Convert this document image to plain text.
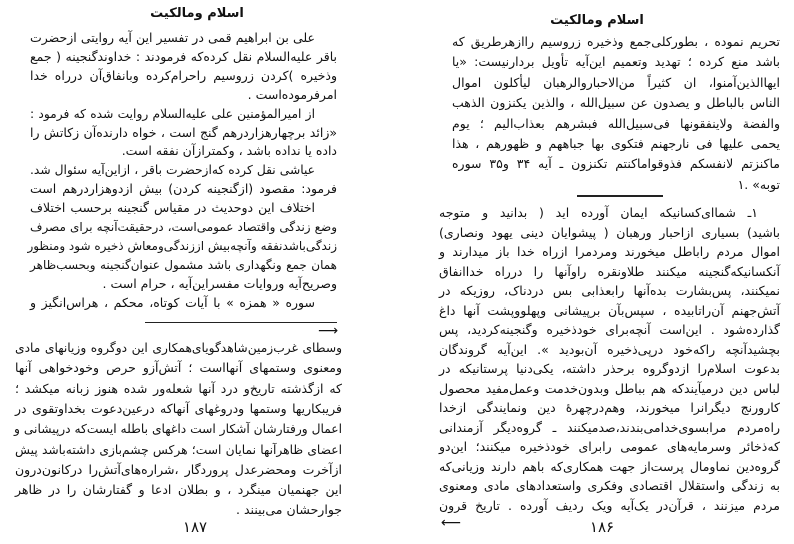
اسلام ومالکیت
علی بن ابراهیم قمی در تفسیر این آیه روایتی ازحضرت
باقر علیه‌السلام نقل کرده‌که فرمودند : خداوندگنجینه ( جمع
وذخیره )کردن زروسیم راحرام‌کرده وبانفاق‌آن درراه خدا
امرفرموده‌است .
از امیرالمؤمنین علی علیه‌السلام روایت شده که فرمود :
«زائد برچهارهزاردرهم گنج است ، خواه دارنده‌آن زکاتش را
داده یا نداده باشد ، وکمتراز‌آن نفقه است.
عیاشی نقل کرده که‌ازحضرت باقر ، ازاین‌آیه سئوال شد.
فرمود: مقصود (ازگنجینه کردن) بیش ازدوهزاردرهم است
اختلاف این دوحدیث در مقیاس گنجینه برحسب اختلاف
وضع زندگی واقتصاد عمومی‌است، درحقیقت‌آنچه برای مصرف
زندگی‌باشدنفقه وآنچه‌بیش اززندگی‌ومعاش ذخیره شود ومنظور
همان جمع ونگهداری باشد مشمول عنوان‌گنجینه وبحسب‌ظاهر
وصریح‌آیه وروایات مفسراین‌آیه ، حرام است .
سوره « همزه » با آیات کوتاه، محکم ، هراس‌انگیز و
⟶
وسطای غرب‌زمین‌شاهدگویای‌همکاری این دوگروه وزیانهای مادی
ومعنوی وستمهای آنهااست ؛ آتش‌آزو حرص وخودخواهی آنها
که ازگذشته تاریخ‌و درد آنها شعله‌ور شده هنوز زبانه میکشد ؛
فریبکاریها وستمها ودروغهای آنهاکه درعین‌دعوت بخداوتقوی در
اعمال ورفتارشان آشکار است داغهای باطله ایست‌که درپیشانی و
اعضای ظاهرآنها نمایان است؛ هرکس چشم‌بازی داشته‌باشد پیش
ازآخرت ومحضرعدل پروردگار ،شراره‌های‌آتش‌را درکانون‌درون
این جهنمیان مینگرد ، و بطلان ادعا و گفتارشان را در ظاهر
جوارحشان می‌بینند .
۱۸۷
اسلام ومالکیت
تحریم نموده ، بطورکلی‌جمع وذخیره زروسیم راازهرطریق که
باشد منع کرده ؛ تهدید وتعمیم این‌آیه تأویل بردارنیست: «یا
ایهاالذین‌آمنوا، ان کثیراً من‌الاحباروالرهبان لیأکلون اموال
الناس بالباطل و یصدون عن سبیل‌الله ، والذین یکنزون الذهب
والفضة ولاینفقونها فی‌سبیل‌الله فبشرهم بعذاب‌الیم ؛ یوم
یحمی علیها فی نارجهنم فتکوی بها جباههم و ظهورهم ، هذا
ماکنزتم لانفسکم فذوقواماکنتم تکنزون ـ آیه ۳۴ و۳۵ سوره
توبه» .۱
۱ـ شماای‌کسانیکه ایمان آورده اید ( بدانید و متوجه
باشید) بسیاری ازاحبار ورهبان ( پیشوایان دینی یهود ونصاری)
اموال مردم راباطل میخورند ومردمرا ازراه خدا باز میدارند و
آنکسانیکه‌گنجینه میکنند طلاونقره راوآنها را درراه خداانفاق
نمیکنند، پس‌بشارت بده‌آنها رابعذابی بس دردناک، روزیکه در
آتش‌جهنم آن‌راتابیده ، سپس‌بآن برپیشانی وپهلووپشت آنها داغ
گذارده‌شود . این‌است آنچه‌برای خودذخیره وگنجینه‌کردید، پس
بچشیدآنچه راکه‌خود درپی‌ذخیره آن‌بودید ». این‌آیه گروندگان
بدعوت اسلام‌را ازدوگروه برحذر داشته، یکی‌دنیا پرستانیکه در
لباس دین درمیآیندکه هم بباطل وبدون‌خدمت وعمل‌مفید محصول
کارورنج دیگرانرا میخورند، وهم‌درچهرهٔ دین ونمایندگی ازخدا
راه‌مردم مرابسوی‌خدامی‌بندند،صدمیکنند ـ گروه‌دیگر آزمندانی
که‌ذخائر وسرمایه‌های عمومی رابرای خودذخیره میکنند؛ این‌دو
گروه‌دین نماومال پرست‌از جهت همکاری‌که باهم دارند وزیانی‌که
به زندگی واستقلال اقتصادی وفکری واستعدادهای مادی ومعنوی
مردم میزنند ، قرآن‌در یک‌آیه ویک ردیف آورده . تاریخ قرون
⟵	۱۸۶
